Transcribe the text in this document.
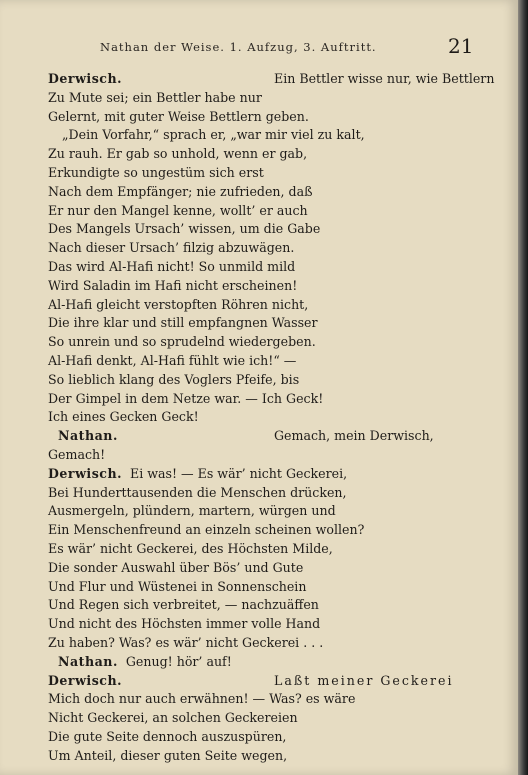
Nathan der Weise. 1. Aufzug, 3. Auftritt.	21
Derwisch.	Ein Bettler wisse nur, wie Bettlern
Zu Mute sei; ein Bettler habe nur
Gelernt, mit guter Weise Bettlern geben.
„Dein Vorfahr,“ sprach er, „war mir viel zu kalt,
Zu rauh. Er gab so unhold, wenn er gab,
Erkundigte so ungestüm sich erst
Nach dem Empfänger; nie zufrieden, daß
Er nur den Mangel kenne, wollt’ er auch
Des Mangels Ursach’ wissen, um die Gabe
Nach dieser Ursach’ filzig abzuwägen.
Das wird Al-Hafi nicht! So unmild mild
Wird Saladin im Hafi nicht erscheinen!
Al-Hafi gleicht verstopften Röhren nicht,
Die ihre klar und still empfangnen Wasser
So unrein und so sprudelnd wiedergeben.
Al-Hafi denkt, Al-Hafi fühlt wie ich!“ —
So lieblich klang des Voglers Pfeife, bis
Der Gimpel in dem Netze war. — Ich Geck!
Ich eines Gecken Geck!
Nathan.	Gemach, mein Derwisch,
Gemach!
Derwisch. Ei was! — Es wär’ nicht Geckerei,
Bei Hunderttausenden die Menschen drücken,
Ausmergeln, plündern, martern, würgen und
Ein Menschenfreund an einzeln scheinen wollen?
Es wär’ nicht Geckerei, des Höchsten Milde,
Die sonder Auswahl über Bös’ und Gute
Und Flur und Wüstenei in Sonnenschein
Und Regen sich verbreitet, — nachzuäffen
Und nicht des Höchsten immer volle Hand
Zu haben? Was? es wär’ nicht Geckerei . . .
Nathan. Genug! hör’ auf!
Derwisch.	Laßt meiner Geckerei
Mich doch nur auch erwähnen! — Was? es wäre
Nicht Geckerei, an solchen Geckereien
Die gute Seite dennoch auszuspüren,
Um Anteil, dieser guten Seite wegen,
